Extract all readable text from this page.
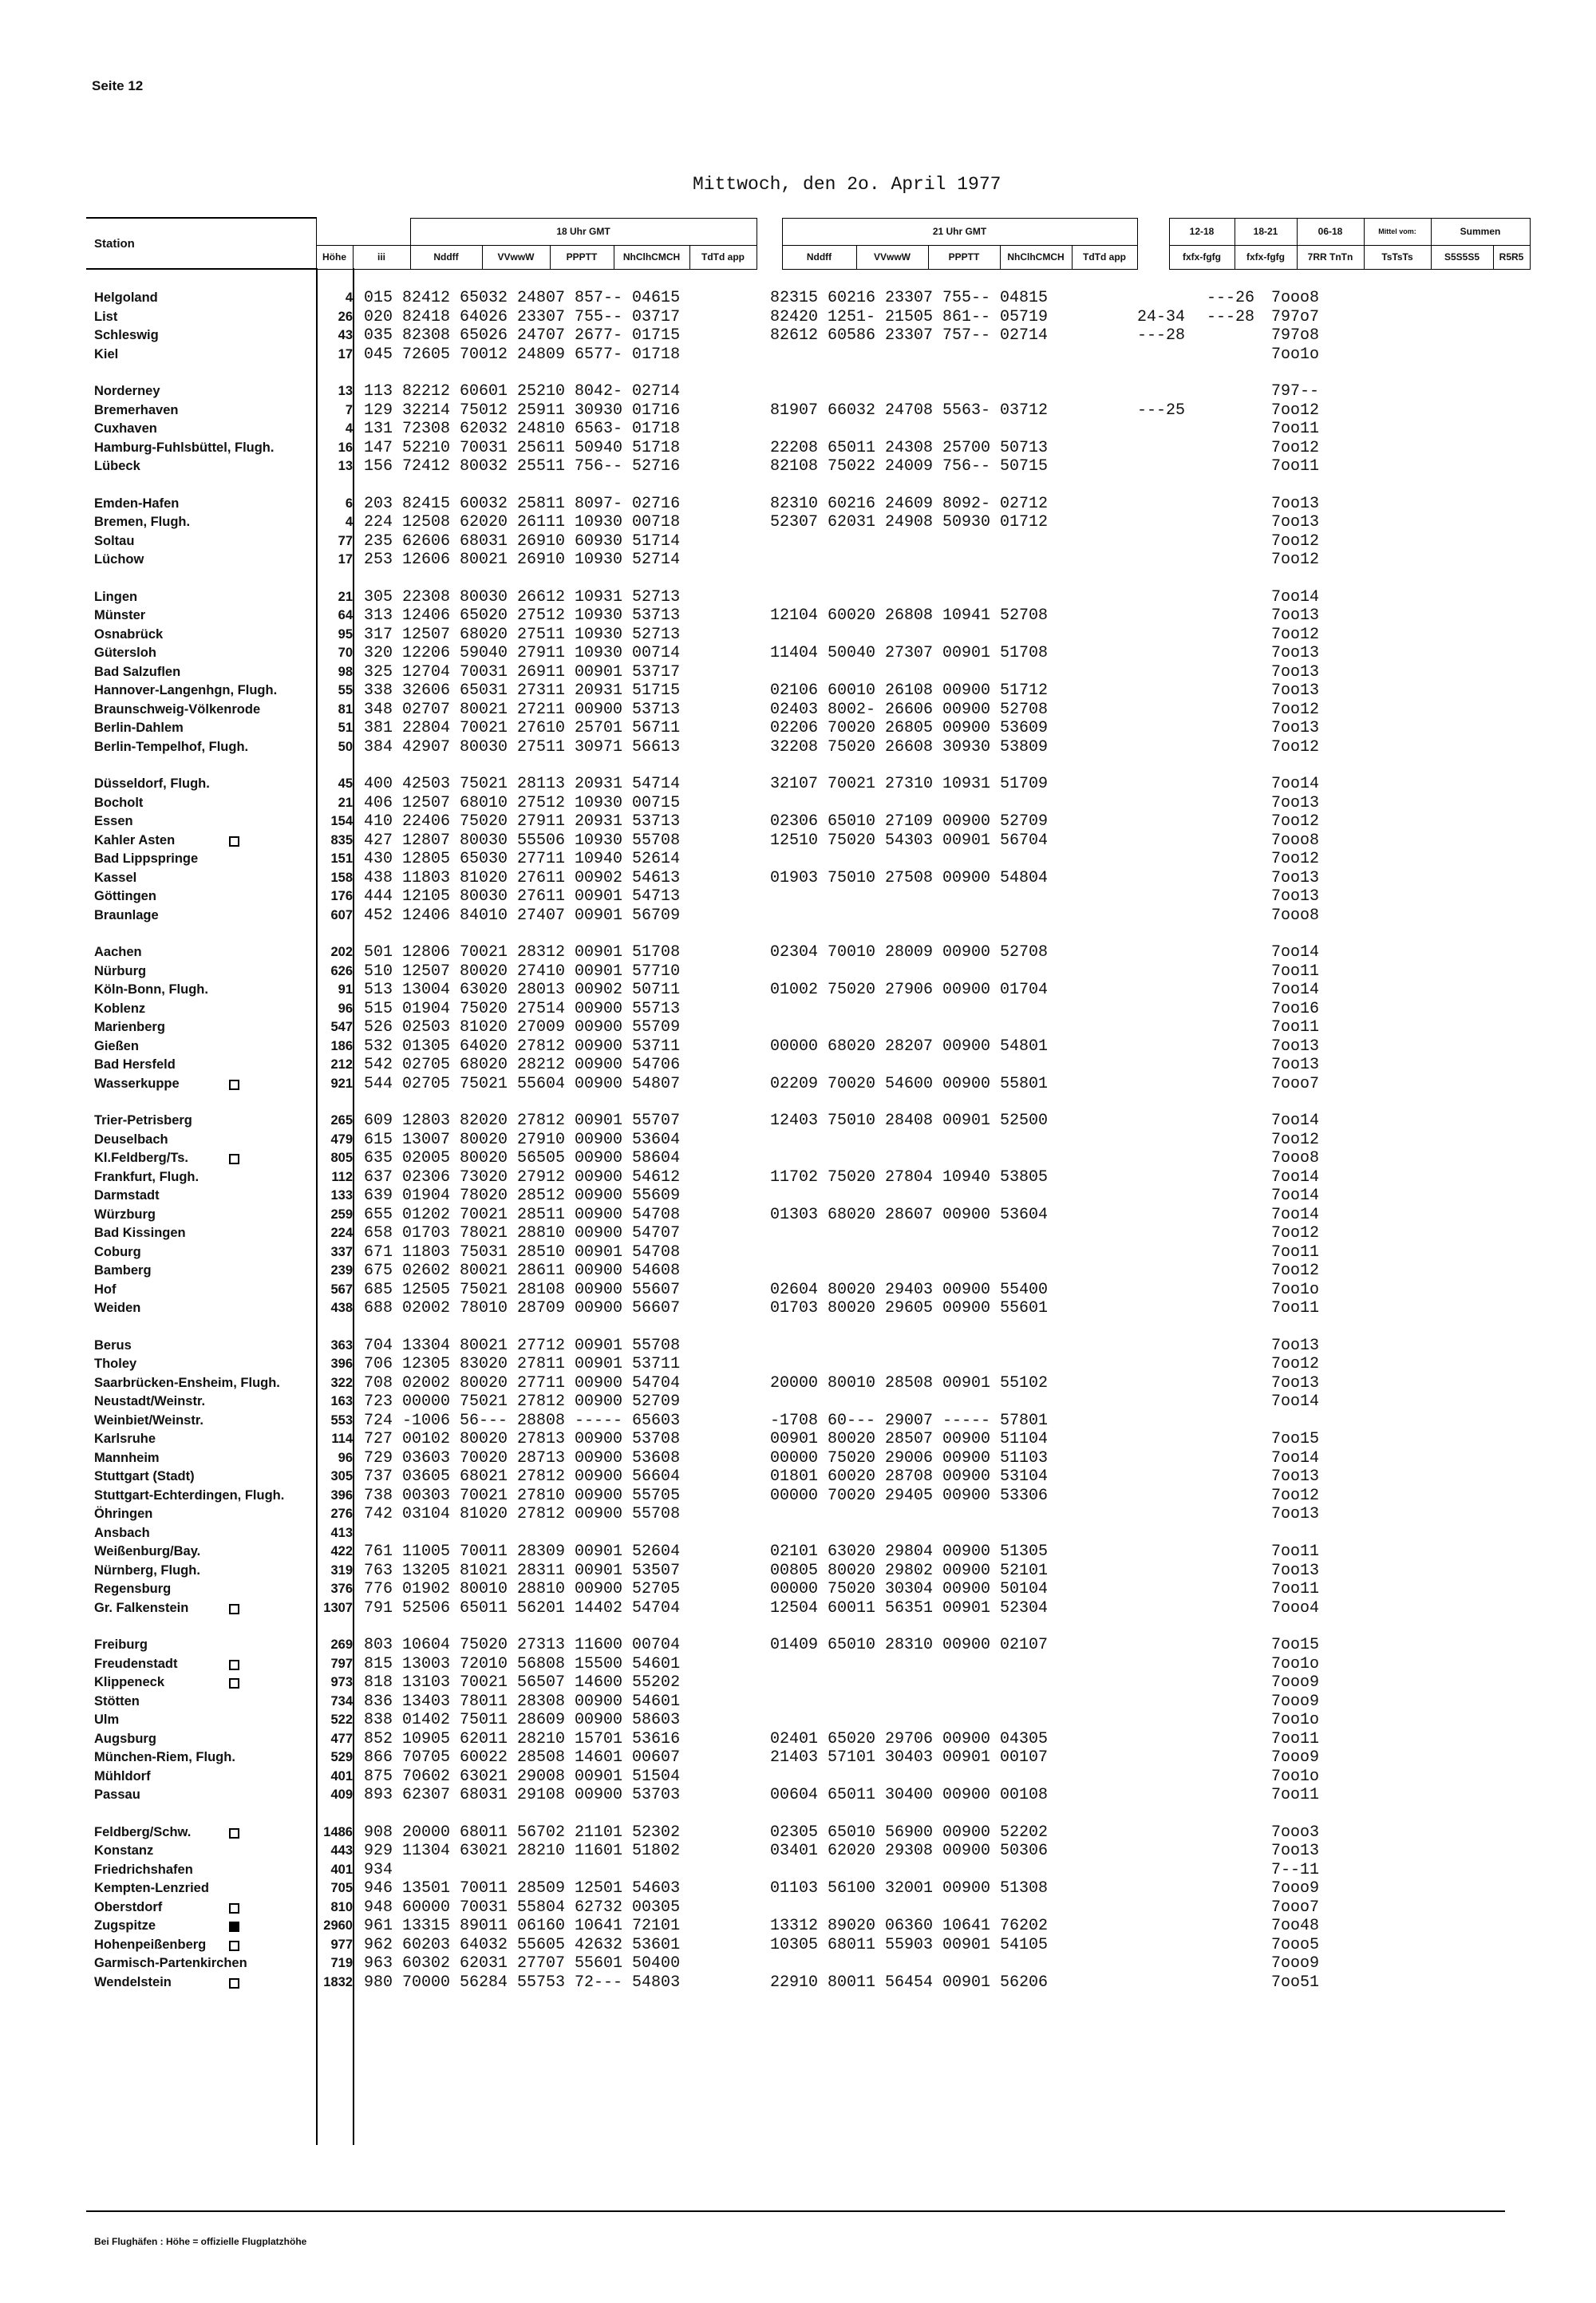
Seite 12
Mittwoch, den 2o. April 1977
Station			18 Uhr GMT						21 Uhr GMT						12-18	18-21	06-18	Mittel vom:	Summen	
	Höhe	iii	Nddff	VVwwW	PPPTT	NhClhCMCH	TdTd app		Nddff	VVwwW	PPPTT	NhClhCMCH	TdTd app		fxfx-fgfg	fxfx-fgfg	7RR TnTn	TsTsTs	S5S5S5	R5R5
Helgoland	4 015 82412 65032 24807 857-- 04615	82315 60216 23307 755-- 04815	---26 7ooo8
List	26 020 82418 64026 23307 755-- 03717	82420 1251- 21505 861-- 05719	24-34 ---28 797o7
Schleswig	43 035 82308 65026 24707 2677- 01715	82612 60586 23307 757-- 02714	---28	797o8
Kiel	17 045 72605 70012 24809 6577- 01718	7oo1o
Norderney	13 113 82212 60601 25210 8042- 02714	797--
Bremerhaven	7 129 32214 75012 25911 30930 01716	81907 66032 24708 5563- 03712	---25	7oo12
Cuxhaven	4 131 72308 62032 24810 6563- 01718	7oo11
Hamburg-Fuhlsbüttel, Flugh.	16 147 52210 70031 25611 50940 51718	22208 65011 24308 25700 50713	7oo12
Lübeck	13 156 72412 80032 25511 756-- 52716	82108 75022 24009 756-- 50715	7oo11
Emden-Hafen	6 203 82415 60032 25811 8097- 02716	82310 60216 24609 8092- 02712	7oo13
Bremen, Flugh.	4 224 12508 62020 26111 10930 00718	52307 62031 24908 50930 01712	7oo13
Soltau	77 235 62606 68031 26910 60930 51714	7oo12
Lüchow	17 253 12606 80021 26910 10930 52714	7oo12
Lingen	21 305 22308 80030 26612 10931 52713	7oo14
Münster	64 313 12406 65020 27512 10930 53713	12104 60020 26808 10941 52708	7oo13
Osnabrück	95 317 12507 68020 27511 10930 52713	7oo12
Gütersloh	70 320 12206 59040 27911 10930 00714	11404 50040 27307 00901 51708	7oo13
Bad Salzuflen	98 325 12704 70031 26911 00901 53717	7oo13
Hannover-Langenhgn, Flugh.	55 338 32606 65031 27311 20931 51715	02106 60010 26108 00900 51712	7oo13
Braunschweig-Völkenrode	81 348 02707 80021 27211 00900 53713	02403 8002- 26606 00900 52708	7oo12
Berlin-Dahlem	51 381 22804 70021 27610 25701 56711	02206 70020 26805 00900 53609	7oo13
Berlin-Tempelhof, Flugh.	50 384 42907 80030 27511 30971 56613	32208 75020 26608 30930 53809	7oo12
Düsseldorf, Flugh.	45 400 42503 75021 28113 20931 54714	32107 70021 27310 10931 51709	7oo14
Bocholt	21 406 12507 68010 27512 10930 00715	7oo13
Essen	154 410 22406 75020 27911 20931 53713	02306 65010 27109 00900 52709	7oo12
Kahler Asten	835 427 12807 80030 55506 10930 55708	12510 75020 54303 00901 56704	7ooo8
Bad Lippspringe	151 430 12805 65030 27711 10940 52614	7oo12
Kassel	158 438 11803 81020 27611 00902 54613	01903 75010 27508 00900 54804	7oo13
Göttingen	176 444 12105 80030 27611 00901 54713	7oo13
Braunlage	607 452 12406 84010 27407 00901 56709	7ooo8
Aachen	202 501 12806 70021 28312 00901 51708	02304 70010 28009 00900 52708	7oo14
Nürburg	626 510 12507 80020 27410 00901 57710	7oo11
Köln-Bonn, Flugh.	91 513 13004 63020 28013 00902 50711	01002 75020 27906 00900 01704	7oo14
Koblenz	96 515 01904 75020 27514 00900 55713	7oo16
Marienberg	547 526 02503 81020 27009 00900 55709	7oo11
Gießen	186 532 01305 64020 27812 00900 53711	00000 68020 28207 00900 54801	7oo13
Bad Hersfeld	212 542 02705 68020 28212 00900 54706	7oo13
Wasserkuppe	921 544 02705 75021 55604 00900 54807	02209 70020 54600 00900 55801	7ooo7
Trier-Petrisberg	265 609 12803 82020 27812 00901 55707	12403 75010 28408 00901 52500	7oo14
Deuselbach	479 615 13007 80020 27910 00900 53604	7oo12
Kl.Feldberg/Ts.	805 635 02005 80020 56505 00900 58604	7ooo8
Frankfurt, Flugh.	112 637 02306 73020 27912 00900 54612	11702 75020 27804 10940 53805	7oo14
Darmstadt	133 639 01904 78020 28512 00900 55609	7oo14
Würzburg	259 655 01202 70021 28511 00900 54708	01303 68020 28607 00900 53604	7oo14
Bad Kissingen	224 658 01703 78021 28810 00900 54707	7oo12
Coburg	337 671 11803 75031 28510 00901 54708	7oo11
Bamberg	239 675 02602 80021 28611 00900 54608	7oo12
Hof	567 685 12505 75021 28108 00900 55607	02604 80020 29403 00900 55400	7oo1o
Weiden	438 688 02002 78010 28709 00900 56607	01703 80020 29605 00900 55601	7oo11
Berus	363 704 13304 80021 27712 00901 55708	7oo13
Tholey	396 706 12305 83020 27811 00901 53711	7oo12
Saarbrücken-Ensheim, Flugh.	322 708 02002 80020 27711 00900 54704	20000 80010 28508 00901 55102	7oo13
Neustadt/Weinstr.	163 723 00000 75021 27812 00900 52709	7oo14
Weinbiet/Weinstr.	553 724 -1006 56--- 28808 ----- 65603	-1708 60--- 29007 ----- 57801
Karlsruhe	114 727 00102 80020 27813 00900 53708	00901 80020 28507 00900 51104	7oo15
Mannheim	96 729 03603 70020 28713 00900 53608	00000 75020 29006 00900 51103	7oo14
Stuttgart (Stadt)	305 737 03605 68021 27812 00900 56604	01801 60020 28708 00900 53104	7oo13
Stuttgart-Echterdingen, Flugh.	396 738 00303 70021 27810 00900 55705	00000 70020 29405 00900 53306	7oo12
Öhringen	276 742 03104 81020 27812 00900 55708	7oo13
Ansbach	413
Weißenburg/Bay.	422 761 11005 70011 28309 00901 52604	02101 63020 29804 00900 51305	7oo11
Nürnberg, Flugh.	319 763 13205 81021 28311 00901 53507	00805 80020 29802 00900 52101	7oo13
Regensburg	376 776 01902 80010 28810 00900 52705	00000 75020 30304 00900 50104	7oo11
Gr. Falkenstein	1307 791 52506 65011 56201 14402 54704	12504 60011 56351 00901 52304	7ooo4
Freiburg	269 803 10604 75020 27313 11600 00704	01409 65010 28310 00900 02107	7oo15
Freudenstadt	797 815 13003 72010 56808 15500 54601	7oo1o
Klippeneck	973 818 13103 70021 56507 14600 55202	7ooo9
Stötten	734 836 13403 78011 28308 00900 54601	7ooo9
Ulm	522 838 01402 75011 28609 00900 58603	7oo1o
Augsburg	477 852 10905 62011 28210 15701 53616	02401 65020 29706 00900 04305	7oo11
München-Riem, Flugh.	529 866 70705 60022 28508 14601 00607	21403 57101 30403 00901 00107	7ooo9
Mühldorf	401 875 70602 63021 29008 00901 51504	7oo1o
Passau	409 893 62307 68031 29108 00900 53703	00604 65011 30400 00900 00108	7oo11
Feldberg/Schw.	1486 908 20000 68011 56702 21101 52302	02305 65010 56900 00900 52202	7ooo3
Konstanz	443 929 11304 63021 28210 11601 51802	03401 62020 29308 00900 50306	7oo13
Friedrichshafen	401 934	7--11
Kempten-Lenzried	705 946 13501 70011 28509 12501 54603	01103 56100 32001 00900 51308	7ooo9
Oberstdorf	810 948 60000 70031 55804 62732 00305	7ooo7
Zugspitze	2960 961 13315 89011 06160 10641 72101	13312 89020 06360 10641 76202	7oo48
Hohenpeißenberg	977 962 60203 64032 55605 42632 53601	10305 68011 55903 00901 54105	7ooo5
Garmisch-Partenkirchen	719 963 60302 62031 27707 55601 50400	7ooo9
Wendelstein	1832 980 70000 56284 55753 72--- 54803	22910 80011 56454 00901 56206	7oo51
Bei Flughäfen : Höhe = offizielle Flugplatzhöhe
